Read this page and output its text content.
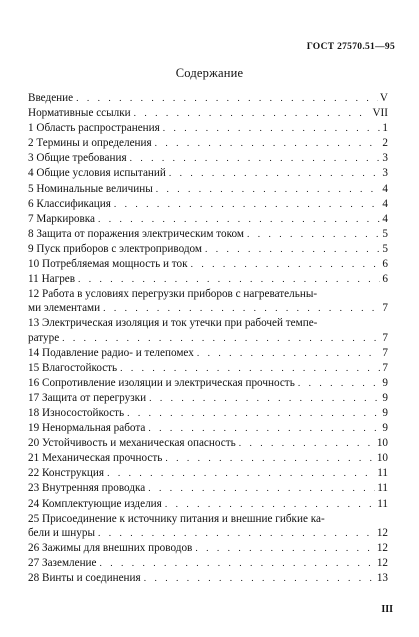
ГОСТ 27570.51—95
Содержание
Введение . . .	V
Нормативные ссылки . . .	VII
1 Область распространения . . .	1
2 Термины и определения . . .	2
3 Общие требования . . .	3
4 Общие условия испытаний . . .	3
5 Номинальные величины . . .	4
6 Классификация . . .	4
7 Маркировка . . .	4
8 Защита от поражения электрическим током . . .	5
9 Пуск приборов с электроприводом . . .	5
10 Потребляемая мощность и ток . . .	6
11 Нагрев . . .	6
12 Работа в условиях перегрузки приборов с нагревательны-
ми элементами . . .	7
13 Электрическая изоляция и ток утечки при рабочей темпе-
ратуре . . .	7
14 Подавление радио- и телепомех . . .	7
15 Влагостойкость . . .	7
16 Сопротивление изоляции и электрическая прочность . . .	9
17 Защита от перегрузки . . .	9
18 Износостойкость . . .	9
19 Ненормальная работа . . .	9
20 Устойчивость и механическая опасность . . .	10
21 Механическая прочность . . .	10
22 Конструкция . . .	11
23 Внутренняя проводка . . .	11
24 Комплектующие изделия . . .	11
25 Присоединение к источнику питания и внешние гибкие ка-
бели и шнуры . . .	12
26 Зажимы для внешних проводов . . .	12
27 Заземление . . .	12
28 Винты и соединения . . .	13
III
